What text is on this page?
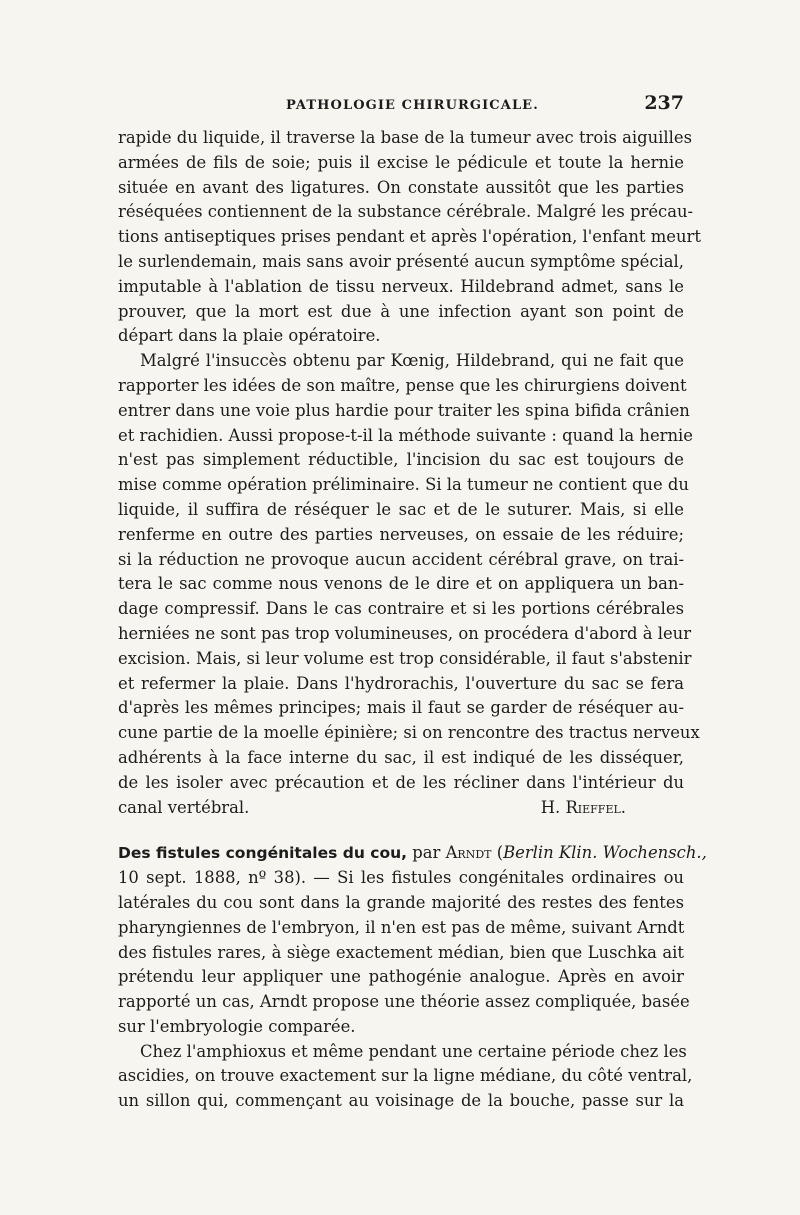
PATHOLOGIE CHIRURGICALE.	237
rapide du liquide, il traverse la base de la tumeur avec trois aiguilles
armées de fils de soie; puis il excise le pédicule et toute la hernie
située en avant des ligatures. On constate aussitôt que les parties
réséquées contiennent de la substance cérébrale. Malgré les précau-
tions antiseptiques prises pendant et après l'opération, l'enfant meurt
le surlendemain, mais sans avoir présenté aucun symptôme spécial,
imputable à l'ablation de tissu nerveux. Hildebrand admet, sans le
prouver, que la mort est due à une infection ayant son point de
départ dans la plaie opératoire.
Malgré l'insuccès obtenu par Kœnig, Hildebrand, qui ne fait que
rapporter les idées de son maître, pense que les chirurgiens doivent
entrer dans une voie plus hardie pour traiter les spina bifida crânien
et rachidien. Aussi propose-t-il la méthode suivante : quand la hernie
n'est pas simplement réductible, l'incision du sac est toujours de
mise comme opération préliminaire. Si la tumeur ne contient que du
liquide, il suffira de réséquer le sac et de le suturer. Mais, si elle
renferme en outre des parties nerveuses, on essaie de les réduire;
si la réduction ne provoque aucun accident cérébral grave, on trai-
tera le sac comme nous venons de le dire et on appliquera un ban-
dage compressif. Dans le cas contraire et si les portions cérébrales
herniées ne sont pas trop volumineuses, on procédera d'abord à leur
excision. Mais, si leur volume est trop considérable, il faut s'abstenir
et refermer la plaie. Dans l'hydrorachis, l'ouverture du sac se fera
d'après les mêmes principes; mais il faut se garder de réséquer au-
cune partie de la moelle épinière; si on rencontre des tractus nerveux
adhérents à la face interne du sac, il est indiqué de les disséquer,
de les isoler avec précaution et de les récliner dans l'intérieur du
canal vertébral.	H. Rieffel.
Des fistules congénitales du cou, par Arndt (Berlin Klin. Wochensch.,
10 sept. 1888, nº 38). — Si les fistules congénitales ordinaires ou
latérales du cou sont dans la grande majorité des restes des fentes
pharyngiennes de l'embryon, il n'en est pas de même, suivant Arndt
des fistules rares, à siège exactement médian, bien que Luschka ait
prétendu leur appliquer une pathogénie analogue. Après en avoir
rapporté un cas, Arndt propose une théorie assez compliquée, basée
sur l'embryologie comparée.
Chez l'amphioxus et même pendant une certaine période chez les
ascidies, on trouve exactement sur la ligne médiane, du côté ventral,
un sillon qui, commençant au voisinage de la bouche, passe sur la
